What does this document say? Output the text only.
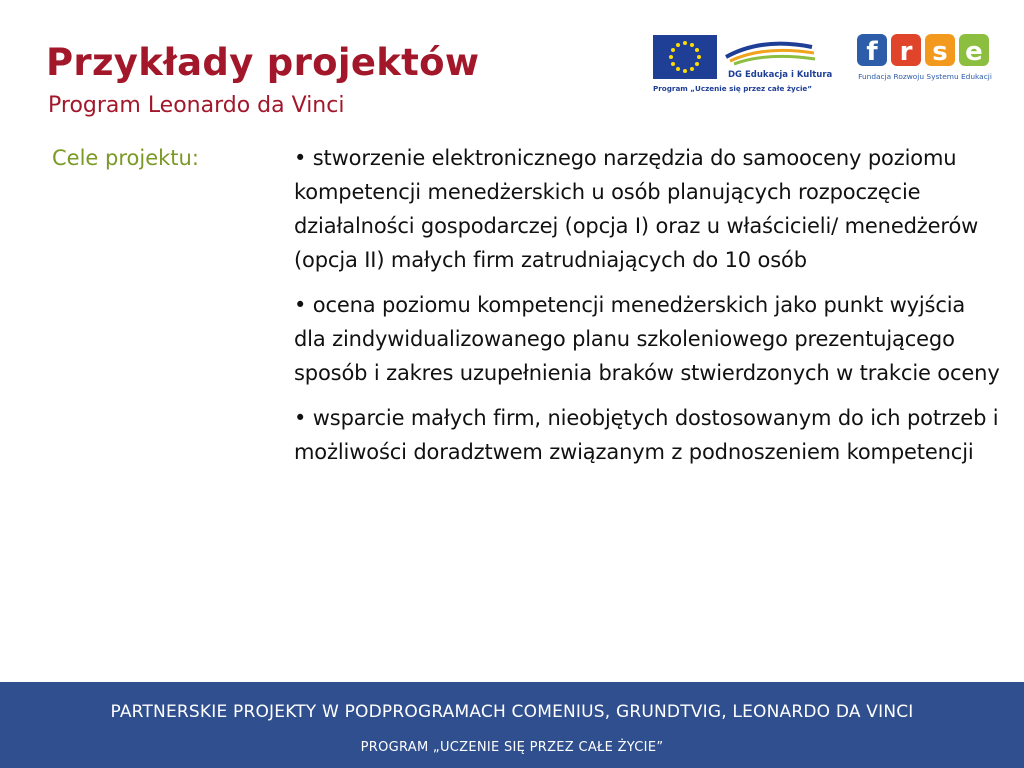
Przykłady projektów
Program Leonardo da Vinci
DG Edukacja i Kultura
Program „Uczenie się przez całe życie”
f r s e
Fundacja Rozwoju Systemu Edukacji
Cele projektu:	• stworzenie elektronicznego narzędzia do samooceny poziomu kompetencji menedżerskich u osób planujących rozpoczęcie działalności gospodarczej (opcja I) oraz u właścicieli/ menedżerów (opcja II) małych firm zatrudniających do 10 osób
• ocena poziomu kompetencji menedżerskich jako punkt wyjścia dla zindywidualizowanego planu szkoleniowego prezentującego sposób i zakres uzupełnienia braków stwierdzonych w trakcie oceny
• wsparcie małych firm, nieobjętych dostosowanym do ich potrzeb i możliwości doradztwem związanym z podnoszeniem kompetencji
PARTNERSKIE PROJEKTY W PODPROGRAMACH COMENIUS, GRUNDTVIG, LEONARDO DA VINCI
PROGRAM „UCZENIE SIĘ PRZEZ CAŁE ŻYCIE”
